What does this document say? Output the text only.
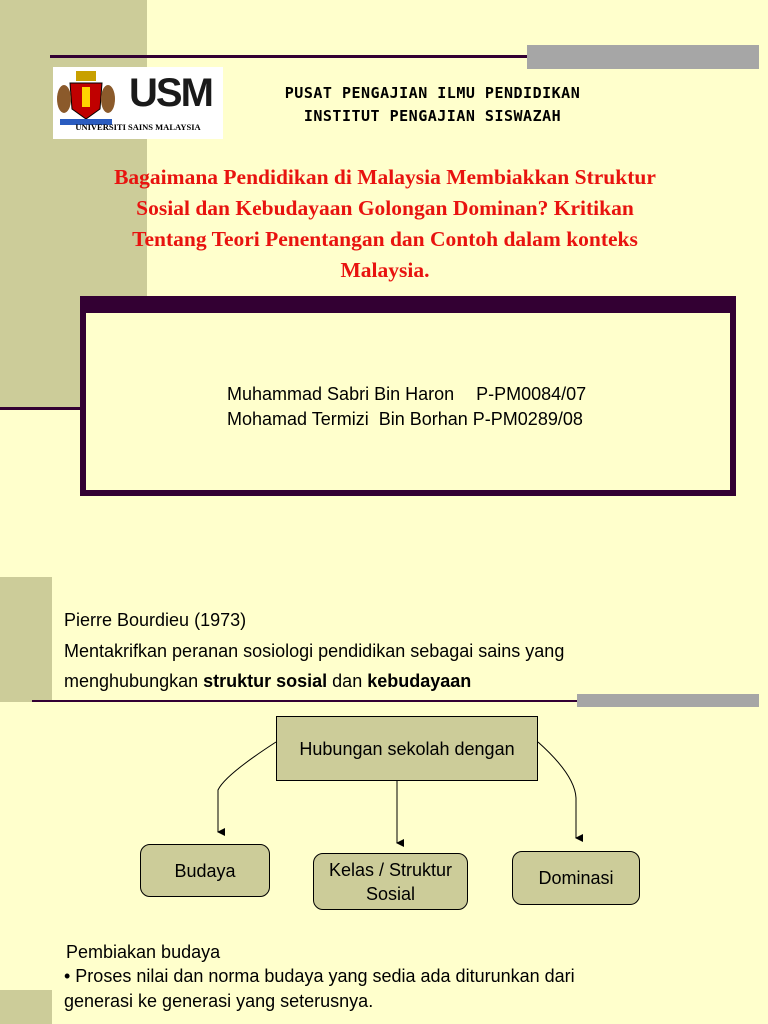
USM
UNIVERSITI SAINS MALAYSIA
PUSAT PENGAJIAN ILMU PENDIDIKAN
INSTITUT PENGAJIAN SISWAZAH
Bagaimana Pendidikan di Malaysia Membiakkan Struktur
Sosial dan Kebudayaan Golongan Dominan? Kritikan
Tentang Teori Penentangan dan Contoh dalam konteks
Malaysia.

Muhammad Sabri Bin Haron P-PM0084/07

Mohamad Termizi  Bin Borhan P-PM0289/08

Pierre Bourdieu (1973)
Mentakrifkan peranan sosiologi pendidikan sebagai sains yang
menghubungkan struktur sosial dan kebudayaan
Hubungan sekolah dengan
Budaya	Kelas / Struktur
Sosial
Dominasi
Pembiakan budaya
• Proses nilai dan norma budaya yang sedia ada diturunkan dari
generasi ke generasi yang seterusnya.
